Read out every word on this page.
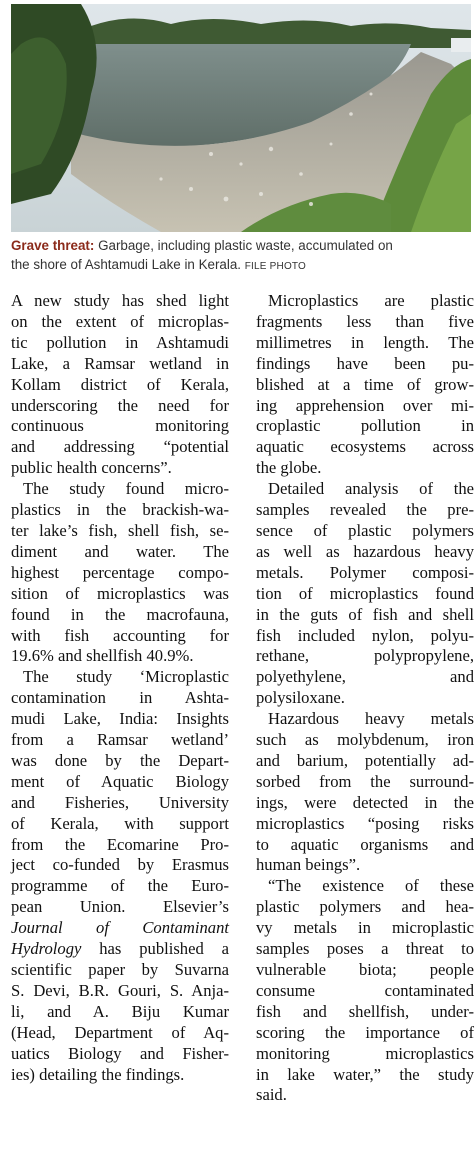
Grave threat: Garbage, including plastic waste, accumulated on
the shore of Ashtamudi Lake in Kerala. FILE PHOTO
A new study has shed light
on the extent of microplas-
tic pollution in Ashtamudi
Lake, a Ramsar wetland in
Kollam district of Kerala,
underscoring the need for
continuous monitoring
and addressing “potential
public health concerns”.
The study found micro-
plastics in the brackish-wa-
ter lake’s fish, shell fish, se-
diment and water. The
highest percentage compo-
sition of microplastics was
found in the macrofauna,
with fish accounting for
19.6% and shellfish 40.9%.
The study ‘Microplastic
contamination in Ashta-
mudi Lake, India: Insights
from a Ramsar wetland’
was done by the Depart-
ment of Aquatic Biology
and Fisheries, University
of Kerala, with support
from the Ecomarine Pro-
ject co-funded by Erasmus
programme of the Euro-
pean Union. Elsevier’s
Journal of Contaminant
Hydrology has published a
scientific paper by Suvarna
S. Devi, B.R. Gouri, S. Anja-
li, and A. Biju Kumar
(Head, Department of Aq-
uatics Biology and Fisher-
ies) detailing the findings.
Microplastics are plastic
fragments less than five
millimetres in length. The
findings have been pu-
blished at a time of grow-
ing apprehension over mi-
croplastic pollution in
aquatic ecosystems across
the globe.
Detailed analysis of the
samples revealed the pre-
sence of plastic polymers
as well as hazardous heavy
metals. Polymer composi-
tion of microplastics found
in the guts of fish and shell
fish included nylon, polyu-
rethane, polypropylene,
polyethylene, and
polysiloxane.
Hazardous heavy metals
such as molybdenum, iron
and barium, potentially ad-
sorbed from the surround-
ings, were detected in the
microplastics “posing risks
to aquatic organisms and
human beings”.
“The existence of these
plastic polymers and hea-
vy metals in microplastic
samples poses a threat to
vulnerable biota; people
consume contaminated
fish and shellfish, under-
scoring the importance of
monitoring microplastics
in lake water,” the study
said.
